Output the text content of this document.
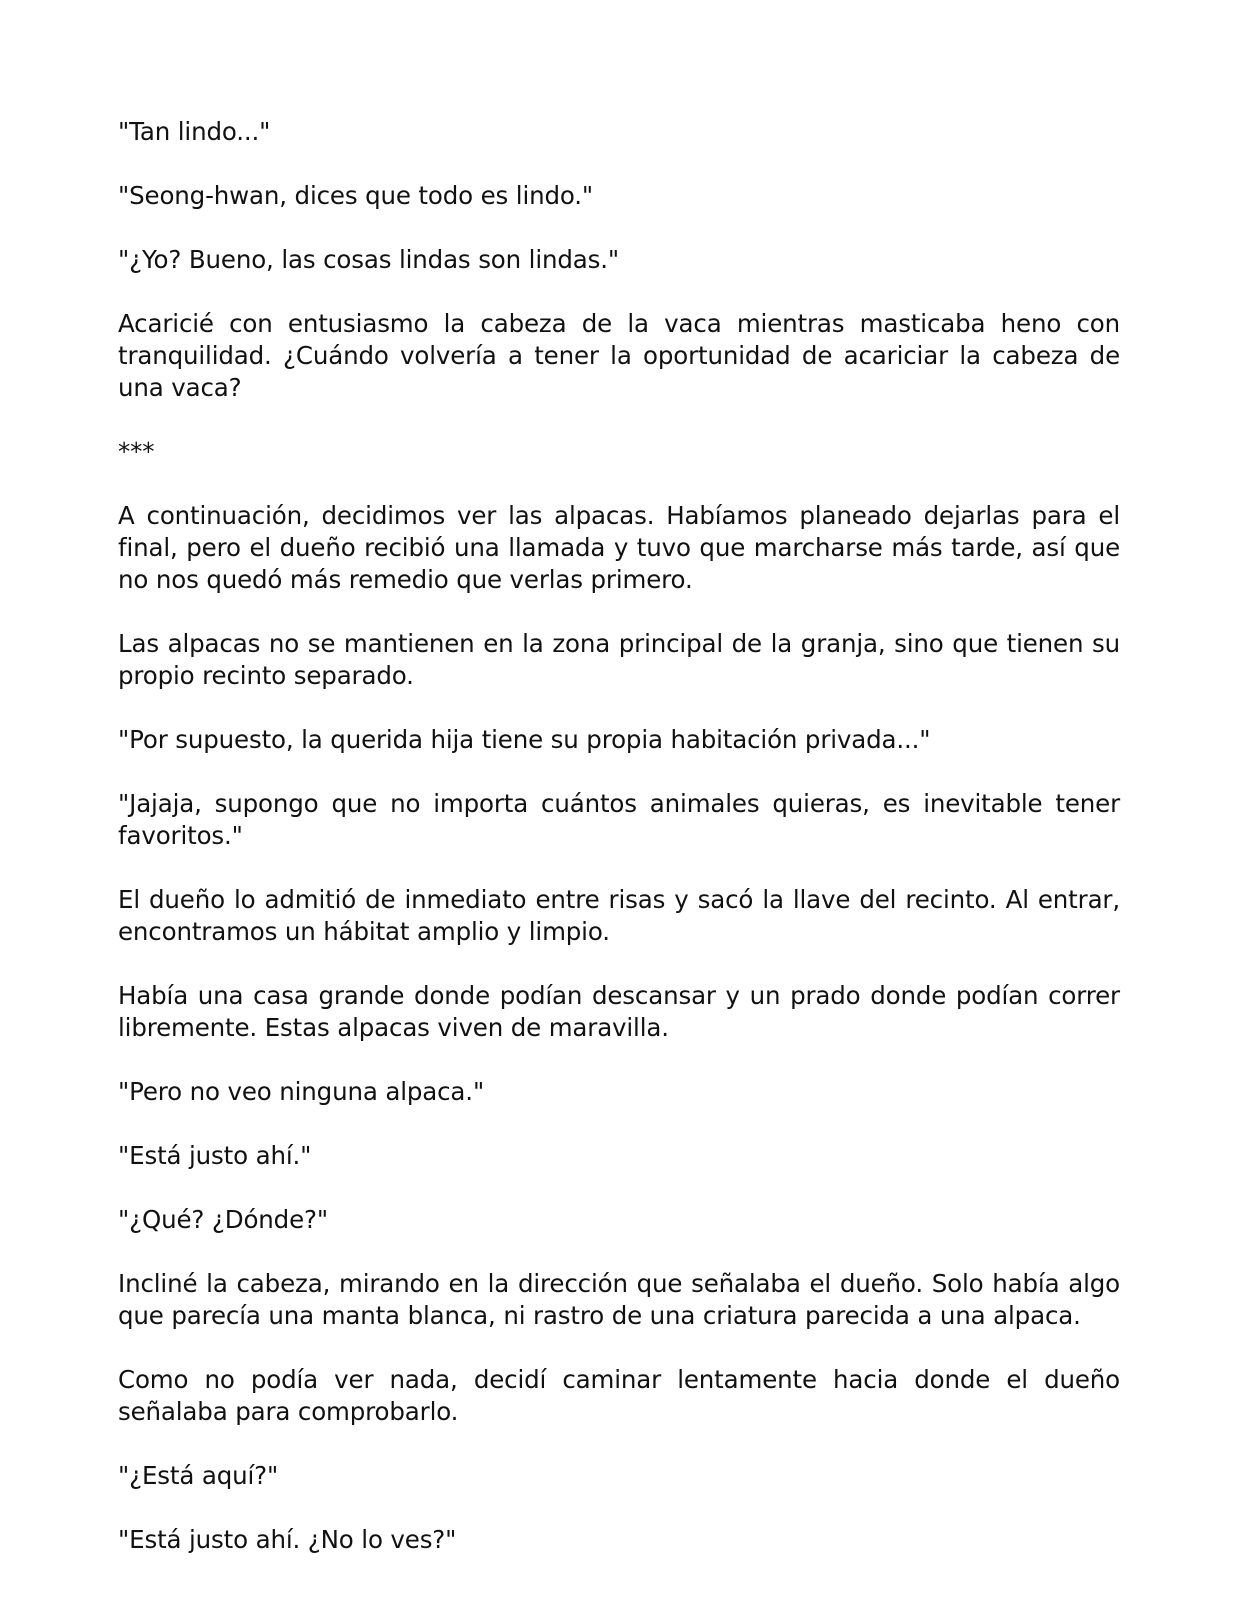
"Tan lindo..."

"Seong-hwan, dices que todo es lindo."

"¿Yo? Bueno, las cosas lindas son lindas."

Acaricié con entusiasmo la cabeza de la vaca mientras masticaba heno con tranquilidad. ¿Cuándo volvería a tener la oportunidad de acariciar la cabeza de una vaca?

***

A continuación, decidimos ver las alpacas. Habíamos planeado dejarlas para el final, pero el dueño recibió una llamada y tuvo que marcharse más tarde, así que no nos quedó más remedio que verlas primero.

Las alpacas no se mantienen en la zona principal de la granja, sino que tienen su propio recinto separado.

"Por supuesto, la querida hija tiene su propia habitación privada..."

"Jajaja, supongo que no importa cuántos animales quieras, es inevitable tener favoritos."

El dueño lo admitió de inmediato entre risas y sacó la llave del recinto. Al entrar, encontramos un hábitat amplio y limpio.

Había una casa grande donde podían descansar y un prado donde podían correr libremente. Estas alpacas viven de maravilla.

"Pero no veo ninguna alpaca."

"Está justo ahí."

"¿Qué? ¿Dónde?"

Incliné la cabeza, mirando en la dirección que señalaba el dueño. Solo había algo que parecía una manta blanca, ni rastro de una criatura parecida a una alpaca.

Como no podía ver nada, decidí caminar lentamente hacia donde el dueño señalaba para comprobarlo.

"¿Está aquí?"

"Está justo ahí. ¿No lo ves?"
